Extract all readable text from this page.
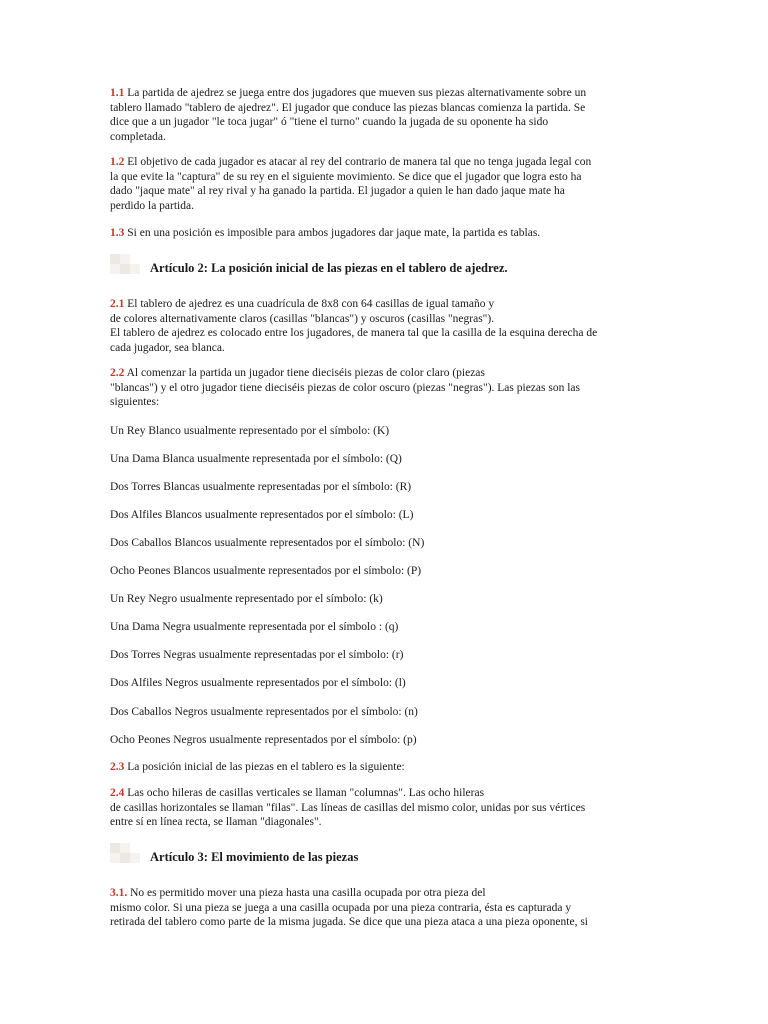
1.1 La partida de ajedrez se juega entre dos jugadores que mueven sus piezas alternativamente sobre un
tablero llamado "tablero de ajedrez". El jugador que conduce las piezas blancas comienza la partida. Se
dice que a un jugador "le toca jugar" ó "tiene el turno" cuando la jugada de su oponente ha sido
completada.
1.2 El objetivo de cada jugador es atacar al rey del contrario de manera tal que no tenga jugada legal con
la que evite la "captura" de su rey en el siguiente movimiento. Se dice que el jugador que logra esto ha
dado "jaque mate" al rey rival y ha ganado la partida. El jugador a quien le han dado jaque mate ha
perdido la partida.
1.3 Si en una posición es imposible para ambos jugadores dar jaque mate, la partida es tablas.
Artículo 2: La posición inicial de las piezas en el tablero de ajedrez.
2.1 El tablero de ajedrez es una cuadrícula de 8x8 con 64 casillas de igual tamaño y
de colores alternativamente claros (casillas "blancas") y oscuros (casillas "negras").
El tablero de ajedrez es colocado entre los jugadores, de manera tal que la casilla de la esquina derecha de
cada jugador, sea blanca.
2.2 Al comenzar la partida un jugador tiene dieciséis piezas de color claro (piezas
"blancas") y el otro jugador tiene dieciséis piezas de color oscuro (piezas "negras"). Las piezas son las
siguientes:
Un Rey Blanco usualmente representado por el símbolo: (K)
Una Dama Blanca usualmente representada por el símbolo: (Q)
Dos Torres Blancas usualmente representadas por el símbolo: (R)
Dos Alfiles Blancos usualmente representados por el símbolo: (L)
Dos Caballos Blancos usualmente representados por el símbolo: (N)
Ocho Peones Blancos usualmente representados por el símbolo: (P)
Un Rey Negro usualmente representado por el símbolo: (k)
Una Dama Negra usualmente representada por el símbolo : (q)
Dos Torres Negras usualmente representadas por el símbolo: (r)
Dos Alfiles Negros usualmente representados por el símbolo: (l)
Dos Caballos Negros usualmente representados por el símbolo: (n)
Ocho Peones Negros usualmente representados por el símbolo: (p)
2.3 La posición inicial de las piezas en el tablero es la siguiente:
2.4 Las ocho hileras de casillas verticales se llaman "columnas". Las ocho hileras
de casillas horizontales se llaman "filas". Las líneas de casillas del mismo color, unidas por sus vértices
entre sí en línea recta, se llaman "diagonales".
Artículo 3: El movimiento de las piezas
3.1. No es permitido mover una pieza hasta una casilla ocupada por otra pieza del
mismo color. Si una pieza se juega a una casilla ocupada por una pieza contraria, ésta es capturada y
retirada del tablero como parte de la misma jugada. Se dice que una pieza ataca a una pieza oponente, si
